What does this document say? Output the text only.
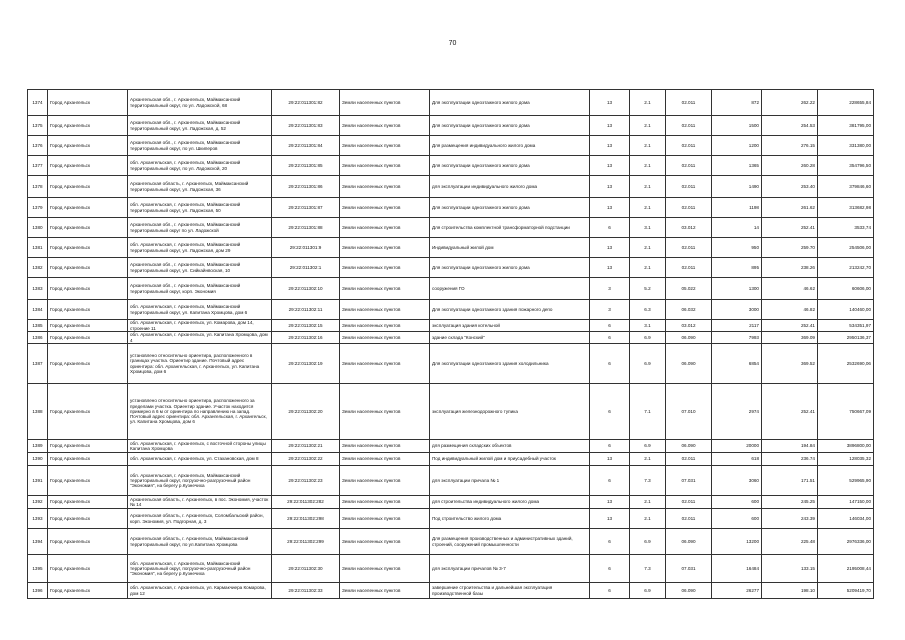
70
1374	Город Архангельск	Архангельская обл., г. Архангельск, Маймаксанский территориальный округ, по ул. Ладожской, 68	29:22:011301:82	Земли населенных пунктов	Для эксплуатации одноэтажного жилого дома	13	2.1	02.011	872	262.22	228655,84
1375	Город Архангельск	Архангельская обл., г. Архангельск, Маймаксанский территориальный округ, ул. Ладожская, д. 52	29:22:011301:83	Земли населенных пунктов	Для эксплуатации одноэтажного жилого дома	13	2.1	02.011	1500	254.53	381795,00
1376	Город Архангельск	Архангельская обл., г. Архангельск, Маймаксанский территориальный округ, по ул. Шкиперов	29:22:011301:84	Земли населенных пунктов	Для размещения индивидуального жилого дома	13	2.1	02.011	1200	276.15	331380,00
1377	Город Архангельск	обл. Архангельская, г. Архангельск, Маймаксанский территориальный округ, по ул. Ладожской, 20	29:22:011301:85	Земли населенных пунктов	Для эксплуатации одноэтажного жилого дома	13	2.1	02.011	1365	260.28	354796,50
1378	Город Архангельск	Архангельская область, г. Архангельск, Маймаксанский территориальный округ, ул. Ладожская, 36	29:22:011301:86	Земли населенных пунктов	для эксплуатации индивидуального жилого дома	13	2.1	02.011	1490	253.40	379846,60
1379	Город Архангельск	обл. Архангельская, г. Архангельск, Маймаксанский территориальный округ, ул. Ладожская, 50	29:22:011301:87	Земли населенных пунктов	Для эксплуатации одноэтажного жилого дома	13	2.1	02.011	1198	261.62	313682,98
1380	Город Архангельск	Архангельская обл., г. Архангельск, Маймаксанский территориальный округ по ул. Ладожской	29:22:011301:88	Земли населенных пунктов	Для строительства комплектной трансформаторной подстанции	6	3.1	03.012	14	252.41	3533,74
1381	Город Архангельск	обл. Архангельская, г. Архангельск, Маймаксанский территориальный округ, ул. Ладожская, дом 29	29:22:011301:9	Земли населенных пунктов	Индивидуальный жилой дом	13	2.1	02.011	950	259.70	254506,00
1382	Город Архангельск	Архангельская обл., г. Архангельск, Маймаксанский территориальный округ, ул. Сийкайнвоская, 10	29:22:011302:1	Земли населенных пунктов	Для эксплуатации одноэтажного жилого дома	13	2.1	02.011	895	238.26	213242,70
1383	Город Архангельск	Архангельская обл., г. Архангельск, Маймаксанский территориальный округ, корп. Экономия	29:22:011302:10	Земли населенных пунктов	сооружения ГО	3	5.2	05.022	1300	46.62	60606,00
1384	Город Архангельск	обл. Архангельская, г. Архангельск, Маймаксанский территориальный округ, ул. Капитана Хромцова, дом 6	29:22:011302:11	Земли населенных пунктов	Для эксплуатации одноэтажного здания пожарного депо	3	6.3	06.032	3000	46.82	140460,00
1385	Город Архангельск	обл. Архангельская, г. Архангельск, ул. Комарова, дом 14, строение 11	29:22:011302:15	Земли населенных пунктов	эксплуатация здания котельной	6	3.1	03.012	2117	252.41	534351,97
1386	Город Архангельск	обл. Архангельская, г. Архангельск, ул. Капитана Хромцова, дом 4	29:22:011302:16	Земли населенных пунктов	здание склада "Конский"	6	6.9	06.090	7993	369.09	2950136,37
1387	Город Архангельск	установлено относительно ориентира, расположенного в границах участка. Ориентир здание. Почтовый адрес ориентира: обл. Архангельская, г. Архангельск, ул. Капитана Хромцова, дом 6	29:22:011302:19	Земли населенных пунктов	Для эксплуатации одноэтажного здания холодильника	6	6.9	06.090	6854	369.52	2532690,06
1388	Город Архангельск	установлено относительно ориентира, расположенного за пределами участка. Ориентир здание. Участок находится примерно в 6 м от ориентира по направлению на запад. Почтовый адрес ориентира: обл. Архангельская, г. Архангельск, ул. Капитана Хромцова, дом 6	29:22:011302:20	Земли населенных пунктов	эксплуатация железнодорожного тупика	6	7.1	07.010	2974	252.41	750667,09
1389	Город Архангельск	обл. Архангельская, г. Архангельск, с восточной стороны улицы Капитана Хромцова	29:22:011302:21	Земли населенных пунктов	для размещения складских объектов	6	6.9	06.090	20000	194.84	3896800,00
1390	Город Архангельск	обл. Архангельская, г. Архангельск, ул. Стахановская, дом 8	29:22:011302:22	Земли населенных пунктов	Под индивидуальный жилой дом и приусадебный участок	13	2.1	02.011	618	236.74	128035,32
1391	Город Архангельск	обл. Архангельская, г. Архангельск, Маймаксанский территориальный округ, погрузочно-разгрузочный район "Экономия", на берегу р.Кузнечиха	29:22:011302:23	Земли населенных пунктов	для эксплуатации причала № 1	6	7.3	07.031	3060	171.51	529965,90
1392	Город Архангельск	Архангельская область, г. Архангельск, в пос. Экономия, участок № 14	29:22:011302:282	Земли населенных пунктов	для строительства индивидуального жилого дома	13	2.1	02.011	600	245.25	147150,00
1393	Город Архангельск	Архангельская область, г. Архангельск, Соломбальский район, корп. Экономия, ул. Подгорная, д. 3	29:22:011302:298	Земли населенных пунктов	Под строительство жилого дома	13	2.1	02.011	600	243.39	146034,00
1394	Город Архангельск	Архангельская область, г. Архангельск, Маймаксанский территориальный округ, по ул.Капитана Хромцова	29:22:011302:299	Земли населенных пунктов	Для размещения производственных и административных зданий, строений, сооружений промышленности	6	6.9	06.090	13200	225.48	2976336,00
1395	Город Архангельск	обл. Архангельская, г. Архангельск, Маймаксанский территориальный округ, погрузочно-разгрузочный район "Экономия", на берегу р.Кузнечиха	29:22:011302:30	Земли населенных пунктов	для эксплуатации причалов № 3-7	6	7.3	07.031	16484	133.15	2195008,44
1396	Город Архангельск	обл. Архангельская, г. Архангельск, ул. Кармакчиера Комарова, дом 12	29:22:011302:33	Земли населенных пунктов	завершение строительства и дальнейшая эксплуатация производственной базы	6	6.9	06.090	26277	198.10	5209419,70
